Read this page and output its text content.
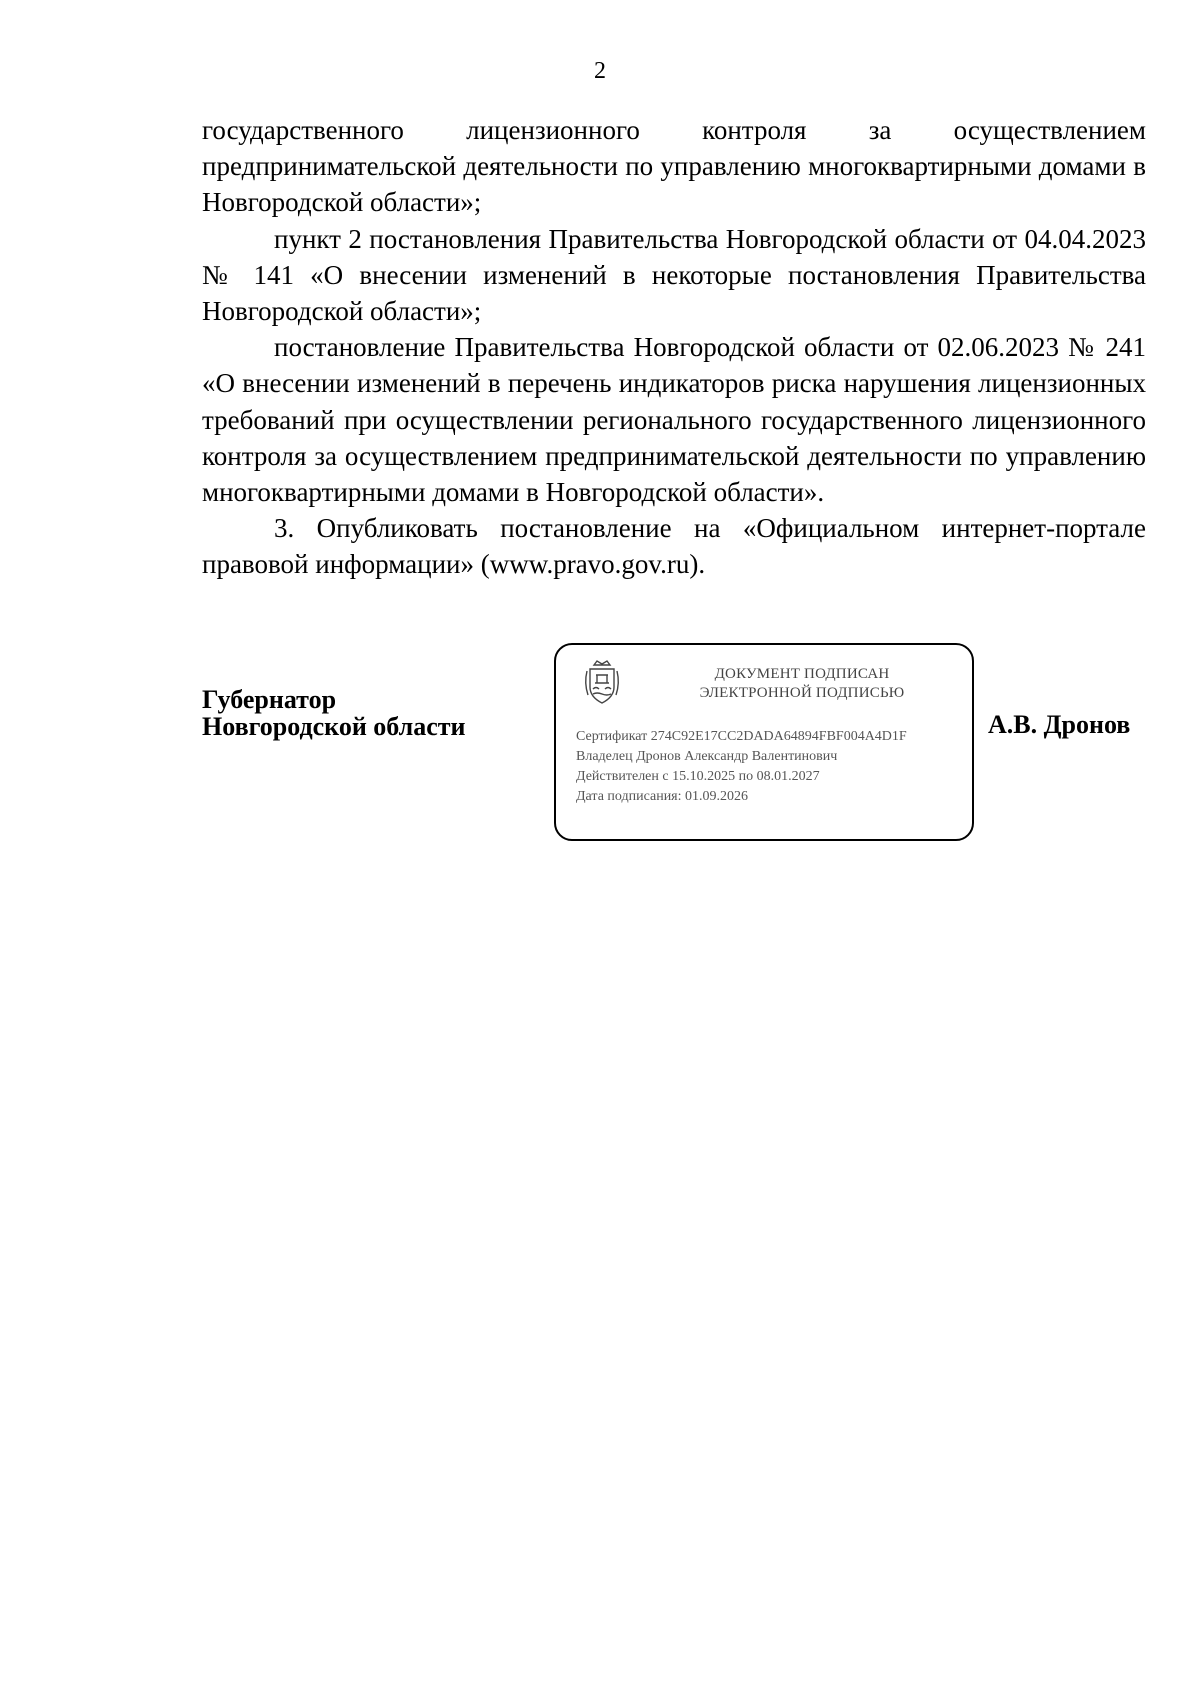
2

государственного лицензионного контроля за осуществлением предпринимательской деятельности по управлению многоквартирными домами в Новгородской области»;

пункт 2 постановления Правительства Новгородской области от 04.04.2023 № 141 «О внесении изменений в некоторые постановления Правительства Новгородской области»;

постановление Правительства Новгородской области от 02.06.2023 № 241 «О внесении изменений в перечень индикаторов риска нарушения лицензионных требований при осуществлении регионального государственного лицензионного контроля за осуществлением предпринимательской деятельности по управлению многоквартирными домами в Новгородской области».

3. Опубликовать постановление на «Официальном интернет-портале правовой информации» (www.pravo.gov.ru).

Губернатор
Новгородской области
ДОКУМЕНТ ПОДПИСАН
ЭЛЕКТРОННОЙ ПОДПИСЬЮ
Сертификат 274C92E17CC2DADA64894FBF004A4D1F
Владелец Дронов Александр Валентинович
Действителен с 15.10.2025 по 08.01.2027
Дата подписания: 01.09.2026
А.В. Дронов
